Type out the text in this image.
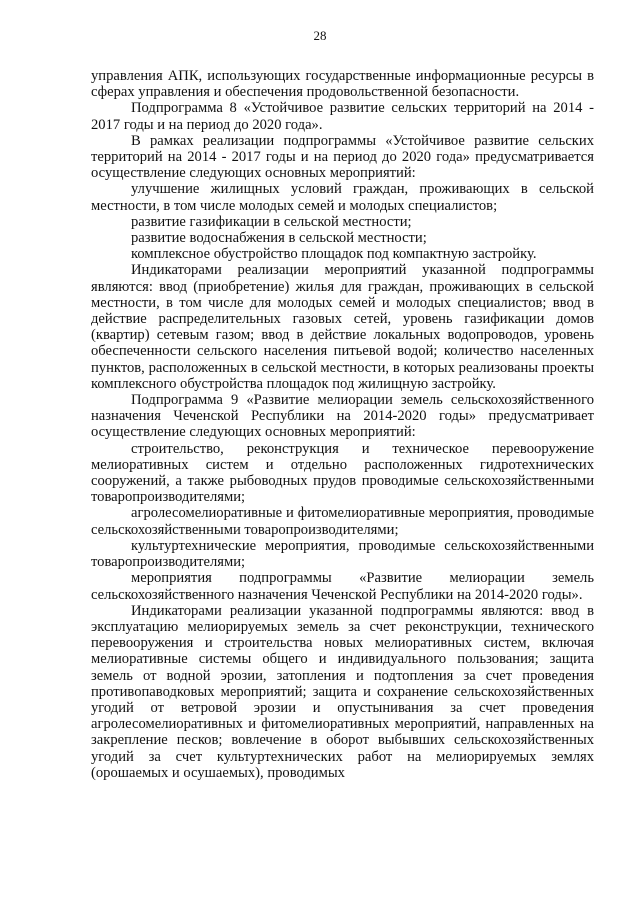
28

управления АПК, использующих государственные информационные ресурсы в сферах управления и обеспечения продовольственной безопасности.

Подпрограмма 8 «Устойчивое развитие сельских территорий на 2014 - 2017 годы и на период до 2020 года».

В рамках реализации подпрограммы «Устойчивое развитие сельских территорий на 2014 - 2017 годы и на период до 2020 года» предусматривается осуществление следующих основных мероприятий:

улучшение жилищных условий граждан, проживающих в сельской местности, в том числе молодых семей и молодых специалистов;

развитие газификации в сельской местности;

развитие водоснабжения в сельской местности;

комплексное обустройство площадок под компактную застройку.

Индикаторами реализации мероприятий указанной подпрограммы являются: ввод (приобретение) жилья для граждан, проживающих в сельской местности, в том числе для молодых семей и молодых специалистов; ввод в действие распределительных газовых сетей, уровень газификации домов (квартир) сетевым газом; ввод в действие локальных водопроводов, уровень обеспеченности сельского населения питьевой водой; количество населенных пунктов, расположенных в сельской местности, в которых реализованы проекты комплексного обустройства площадок под жилищную застройку.

Подпрограмма 9 «Развитие мелиорации земель сельскохозяйственного назначения Чеченской Республики на 2014-2020 годы» предусматривает осуществление следующих основных мероприятий:

строительство, реконструкция и техническое перевооружение мелиоративных систем и отдельно расположенных гидротехнических сооружений, а также рыбоводных прудов проводимые сельскохозяйственными товаропроизводителями;

агролесомелиоративные и фитомелиоративные мероприятия, проводимые сельскохозяйственными товаропроизводителями;

культуртехнические мероприятия, проводимые сельскохозяйственными товаропроизводителями;

мероприятия подпрограммы «Развитие мелиорации земель сельскохозяйственного назначения Чеченской Республики на 2014-2020 годы».

Индикаторами реализации указанной подпрограммы являются: ввод в эксплуатацию мелиорируемых земель за счет реконструкции, технического перевооружения и строительства новых мелиоративных систем, включая мелиоративные системы общего и индивидуального пользования; защита земель от водной эрозии, затопления и подтопления за счет проведения противопаводковых мероприятий; защита и сохранение сельскохозяйственных угодий от ветровой эрозии и опустынивания за счет проведения агролесомелиоративных и фитомелиоративных мероприятий, направленных на закрепление песков; вовлечение в оборот выбывших сельскохозяйственных угодий за счет культуртехнических работ на мелиорируемых землях (орошаемых и осушаемых), проводимых
